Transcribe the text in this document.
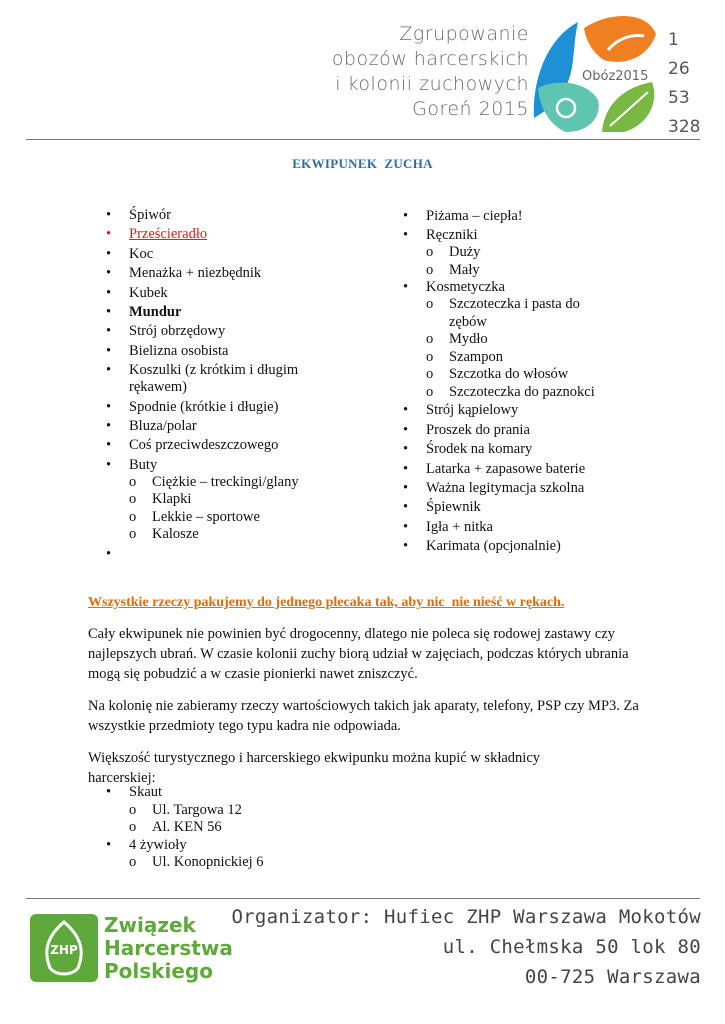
Zgrupowanie
obozów harcerskich
i kolonii zuchowych
Goreń 2015
Obóz2015
1
26
53
328
EKWIPUNEK  ZUCHA
• Śpiwór
• Prześcieradło
• Koc
• Menażka + niezbędnik
• Kubek
• Mundur
• Strój obrzędowy
• Bielizna osobista
• Koszulki (z krótkim i długim rękawem)
• Spodnie (krótkie i długie)
• Bluza/polar
• Coś przeciwdeszczowego
• Buty
o Ciężkie – treckingi/glany
o Klapki
o Lekkie – sportowe
o Kalosze
•

• Piżama – ciepła!
• Ręczniki
o Duży
o Mały
• Kosmetyczka
o Szczoteczka i pasta do zębów
o Mydło
o Szampon
o Szczotka do włosów
o Szczoteczka do paznokci
• Strój kąpielowy
• Proszek do prania
• Środek na komary
• Latarka + zapasowe baterie
• Ważna legitymacja szkolna
• Śpiewnik
• Igła + nitka
• Karimata (opcjonalnie)
Wszystkie rzeczy pakujemy do jednego plecaka tak, aby nic  nie nieść w rękach.
Cały ekwipunek nie powinien być drogocenny, dlatego nie poleca się rodowej zastawy czy najlepszych ubrań. W czasie kolonii zuchy biorą udział w zajęciach, podczas których ubrania mogą się pobudzić a w czasie pionierki nawet zniszczyć.
Na kolonię nie zabieramy rzeczy wartościowych takich jak aparaty, telefony, PSP czy MP3. Za wszystkie przedmioty tego typu kadra nie odpowiada.
Większość turystycznego i harcerskiego ekwipunku można kupić w składnicy harcerskiej:
• Skaut
o Ul. Targowa 12
o Al. KEN 56
• 4 żywioły
o Ul. Konopnickiej 6
ZHP
Związek
Harcerstwa
Polskiego
Organizator: Hufiec ZHP Warszawa Mokotów
ul. Chełmska 50 lok 80
00-725 Warszawa
